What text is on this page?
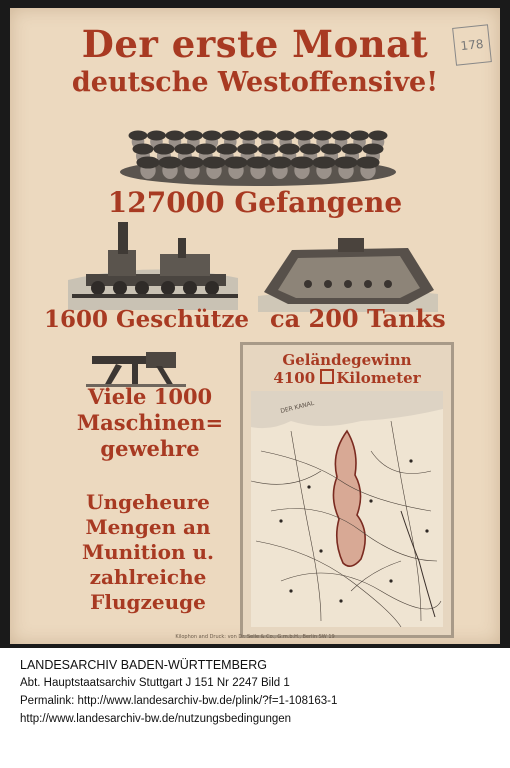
Der erste Monat
deutsche Westoffensive!
178
127000 Gefangene
1600 Geschütze ca 200 Tanks
Viele 1000
Maschinen=
gewehre
Ungeheure
Mengen an
Munition u.
zahlreiche
Flugzeuge
Geländegewinn
4100 Kilometer
DER KANAL
Kilophon and Druck: von Dr. Selle & Co., G.m.b.H., Berlin SW 19
LANDESARCHIV BADEN-WÜRTTEMBERG
Abt. Hauptstaatsarchiv Stuttgart J 151 Nr 2247 Bild 1
Permalink: http://www.landesarchiv-bw.de/plink/?f=1-108163-1
http://www.landesarchiv-bw.de/nutzungsbedingungen
